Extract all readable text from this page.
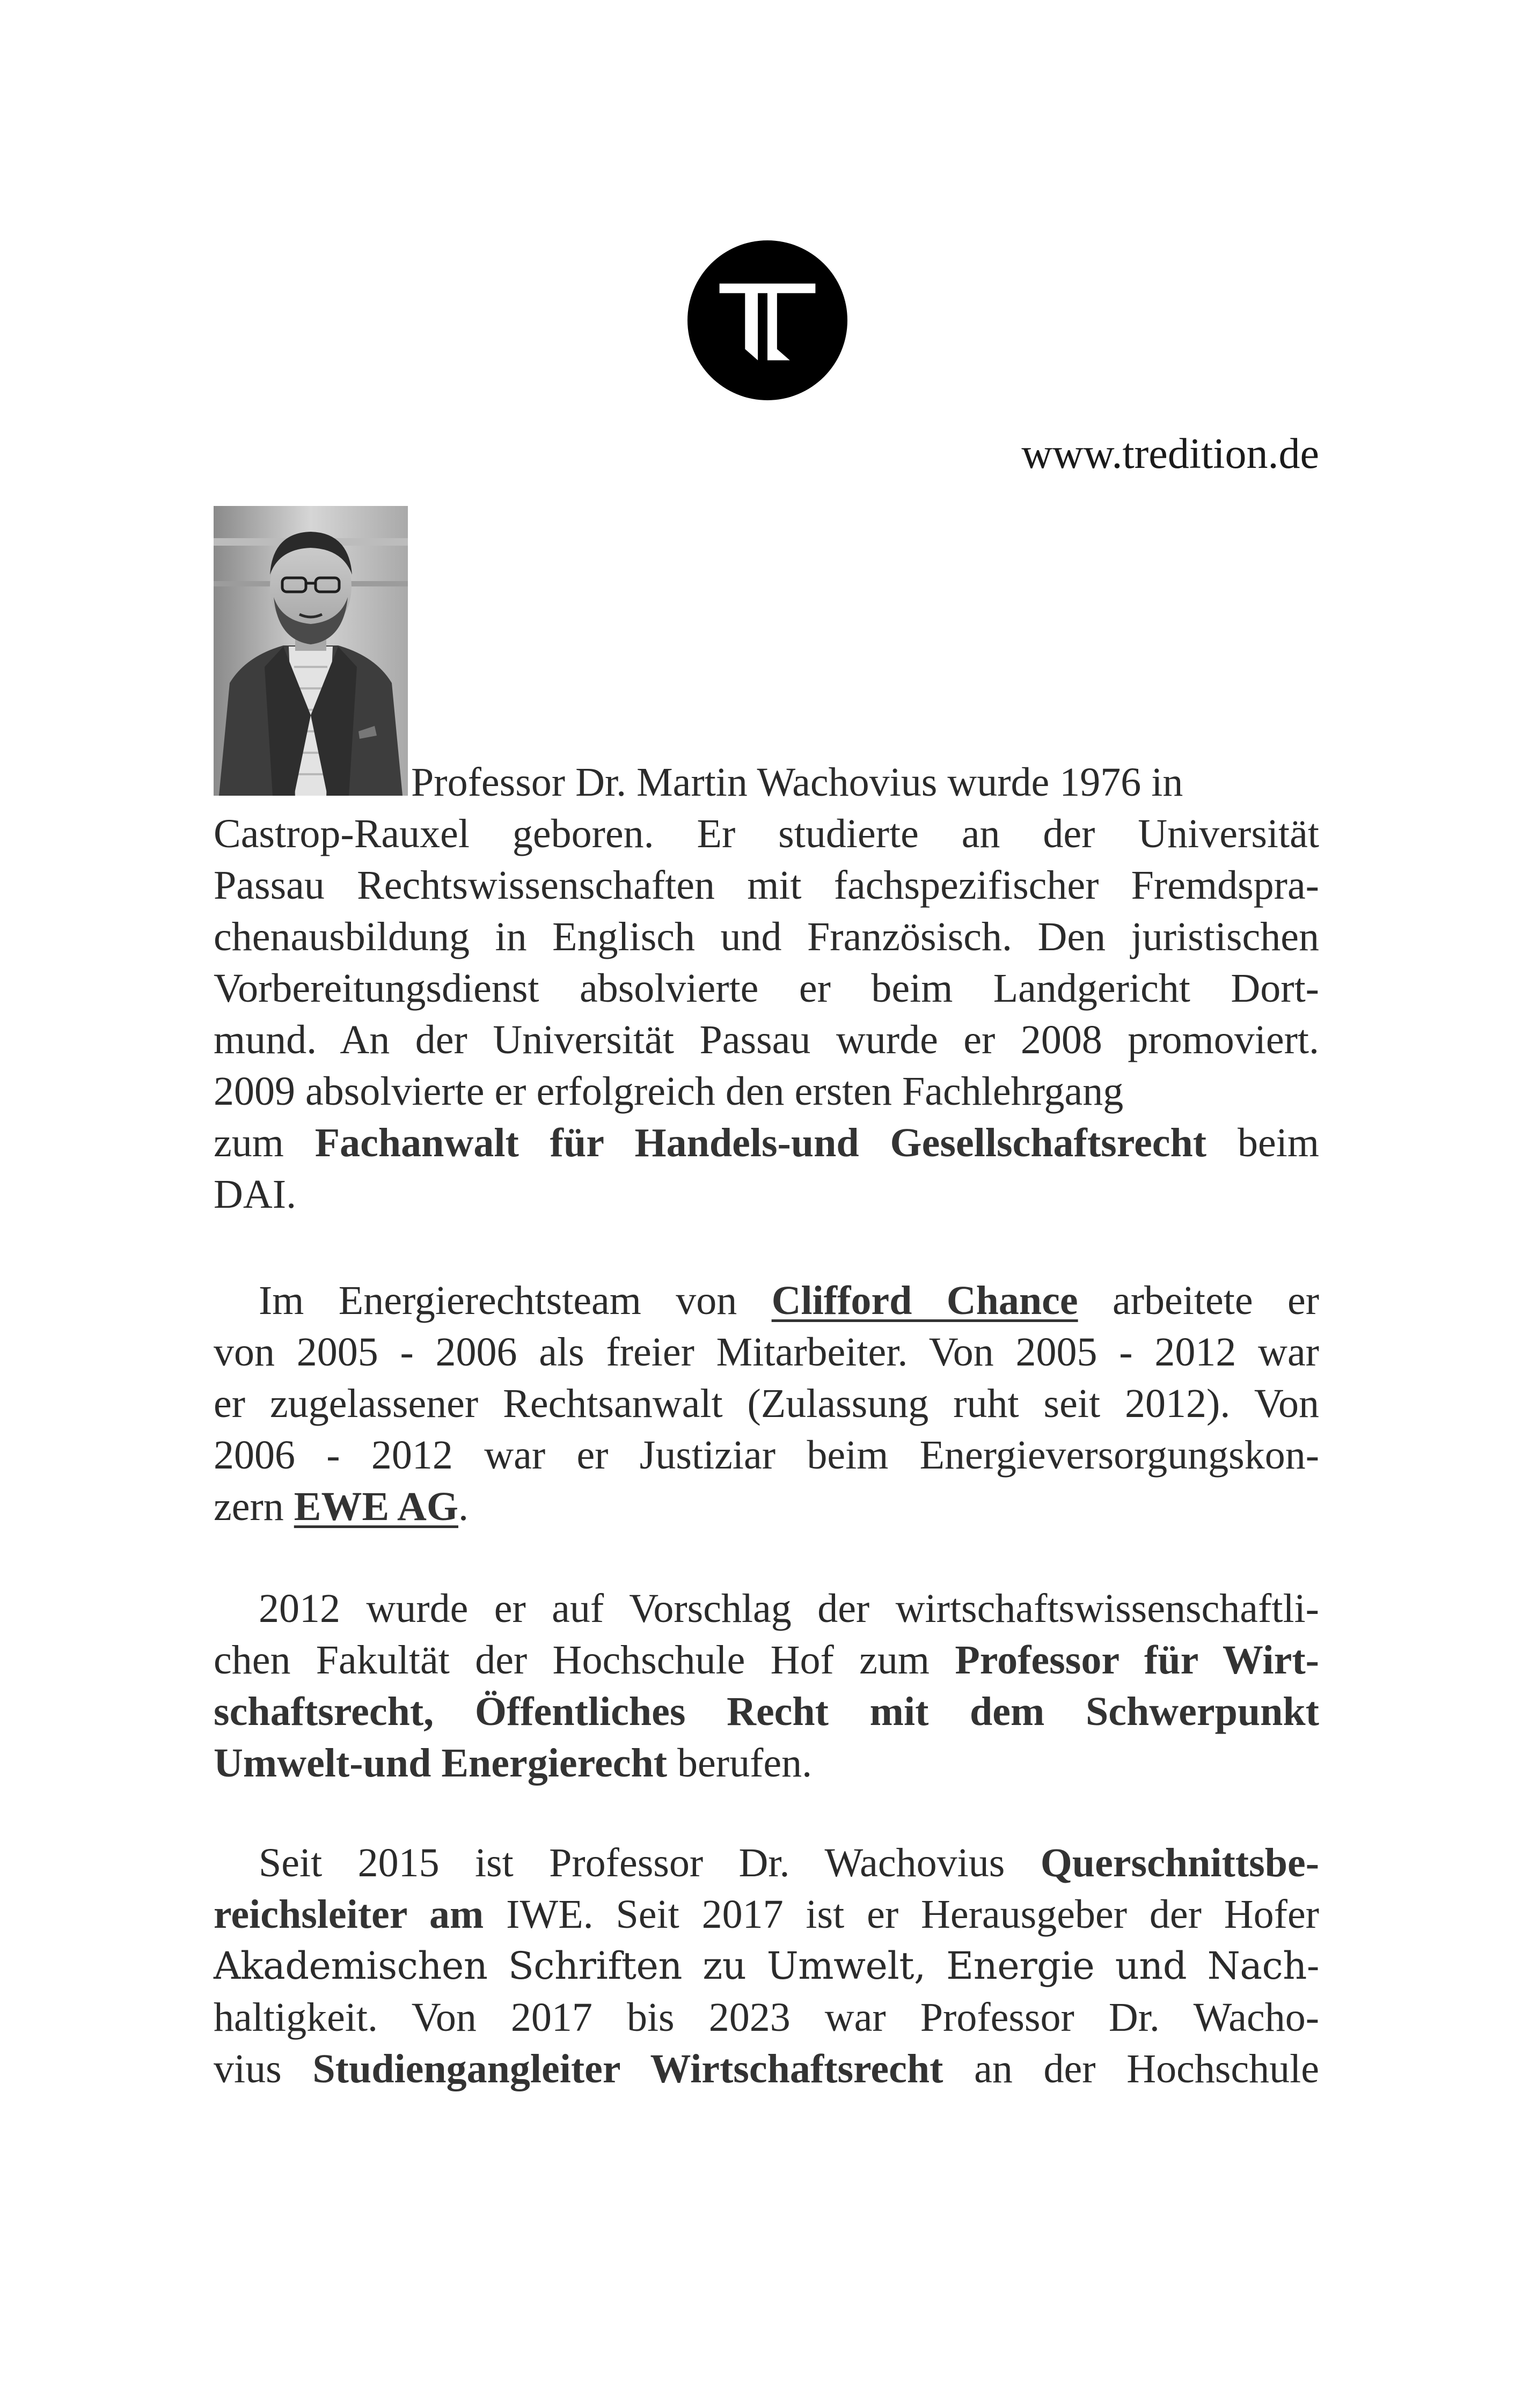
www.tredition.de
Professor Dr. Martin Wachovius wurde 1976 in
Castrop-Rauxel geboren. Er studierte an der Universität
Passau Rechtswissenschaften mit fachspezifischer Fremdspra-
chenausbildung in Englisch und Französisch. Den juristischen
Vorbereitungsdienst absolvierte er beim Landgericht Dort-
mund. An der Universität Passau wurde er 2008 promoviert.
2009 absolvierte er erfolgreich den ersten Fachlehrgang
zum Fachanwalt für Handels-und Gesellschaftsrecht beim
DAI.
Im Energierechtsteam von Clifford Chance arbeitete er
von 2005 - 2006 als freier Mitarbeiter. Von 2005 - 2012 war
er zugelassener Rechtsanwalt (Zulassung ruht seit 2012). Von
2006 - 2012 war er Justiziar beim Energieversorgungskon-
zern EWE AG.
2012 wurde er auf Vorschlag der wirtschaftswissenschaftli-
chen Fakultät der Hochschule Hof zum Professor für Wirt-
schaftsrecht, Öffentliches Recht mit dem Schwerpunkt
Umwelt-und Energierecht berufen.
Seit 2015 ist Professor Dr. Wachovius Querschnittsbe-
reichsleiter am IWE. Seit 2017 ist er Herausgeber der Hofer
Akademischen Schriften zu Umwelt, Energie und Nach-
haltigkeit. Von 2017 bis 2023 war Professor Dr. Wacho-
vius Studiengangleiter Wirtschaftsrecht an der Hochschule
